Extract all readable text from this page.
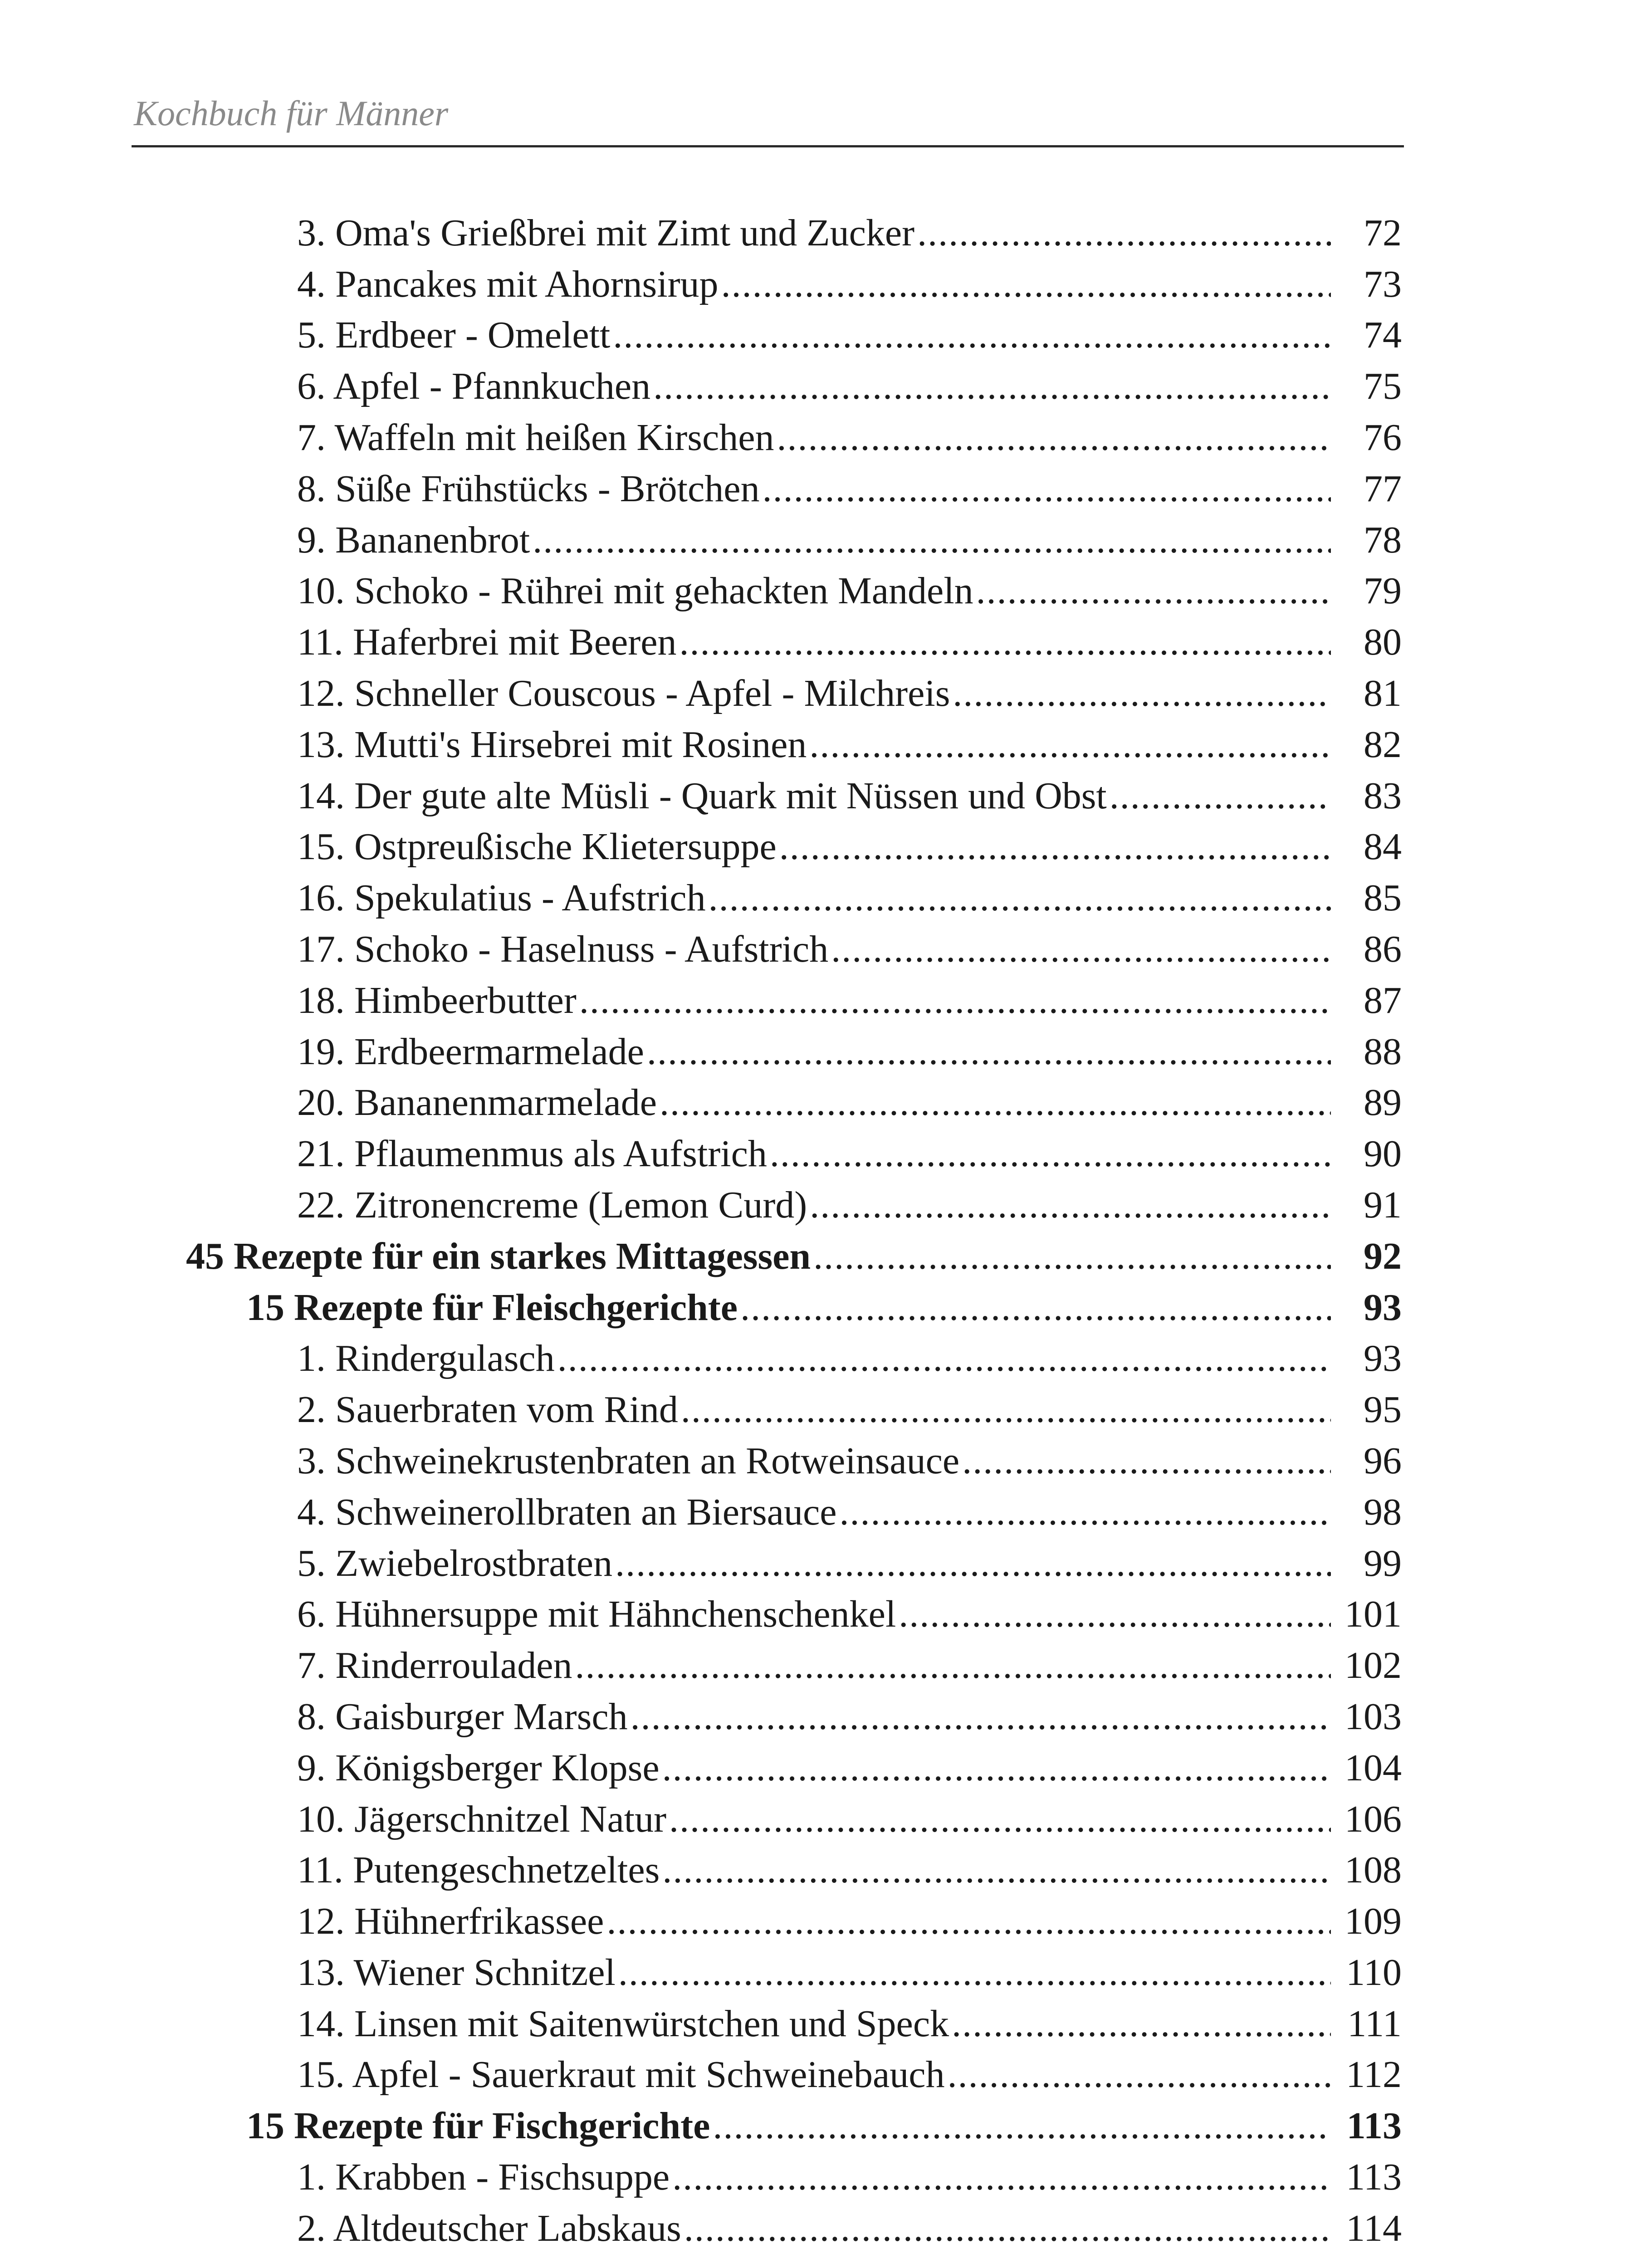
Kochbuch für Männer
3. Oma's Grießbrei mit Zimt und Zucker .....	72
4. Pancakes mit Ahornsirup .....	73
5. Erdbeer - Omelett .....	74
6. Apfel - Pfannkuchen .....	75
7. Waffeln mit heißen Kirschen .....	76
8. Süße Frühstücks - Brötchen .....	77
9. Bananenbrot .....	78
10. Schoko - Rührei mit gehackten Mandeln .....	79
11. Haferbrei mit Beeren .....	80
12. Schneller Couscous - Apfel - Milchreis .....	81
13. Mutti's Hirsebrei mit Rosinen .....	82
14. Der gute alte Müsli - Quark mit Nüssen und Obst .....	83
15. Ostpreußische Klietersuppe .....	84
16. Spekulatius - Aufstrich .....	85
17. Schoko - Haselnuss - Aufstrich .....	86
18. Himbeerbutter .....	87
19. Erdbeermarmelade .....	88
20. Bananenmarmelade .....	89
21. Pflaumenmus als Aufstrich .....	90
22. Zitronencreme (Lemon Curd) .....	91
45 Rezepte für ein starkes Mittagessen .....	92
15 Rezepte für Fleischgerichte .....	93
1. Rindergulasch .....	93
2. Sauerbraten vom Rind .....	95
3. Schweinekrustenbraten an Rotweinsauce .....	96
4. Schweinerollbraten an Biersauce .....	98
5. Zwiebelrostbraten .....	99
6. Hühnersuppe mit Hähnchenschenkel .....	101
7. Rinderrouladen .....	102
8. Gaisburger Marsch .....	103
9. Königsberger Klopse .....	104
10. Jägerschnitzel Natur .....	106
11. Putengeschnetzeltes .....	108
12. Hühnerfrikassee .....	109
13. Wiener Schnitzel .....	110
14. Linsen mit Saitenwürstchen und Speck .....	111
15. Apfel - Sauerkraut mit Schweinebauch .....	112
15 Rezepte für Fischgerichte .....	113
1. Krabben - Fischsuppe .....	113
2. Altdeutscher Labskaus .....	114
